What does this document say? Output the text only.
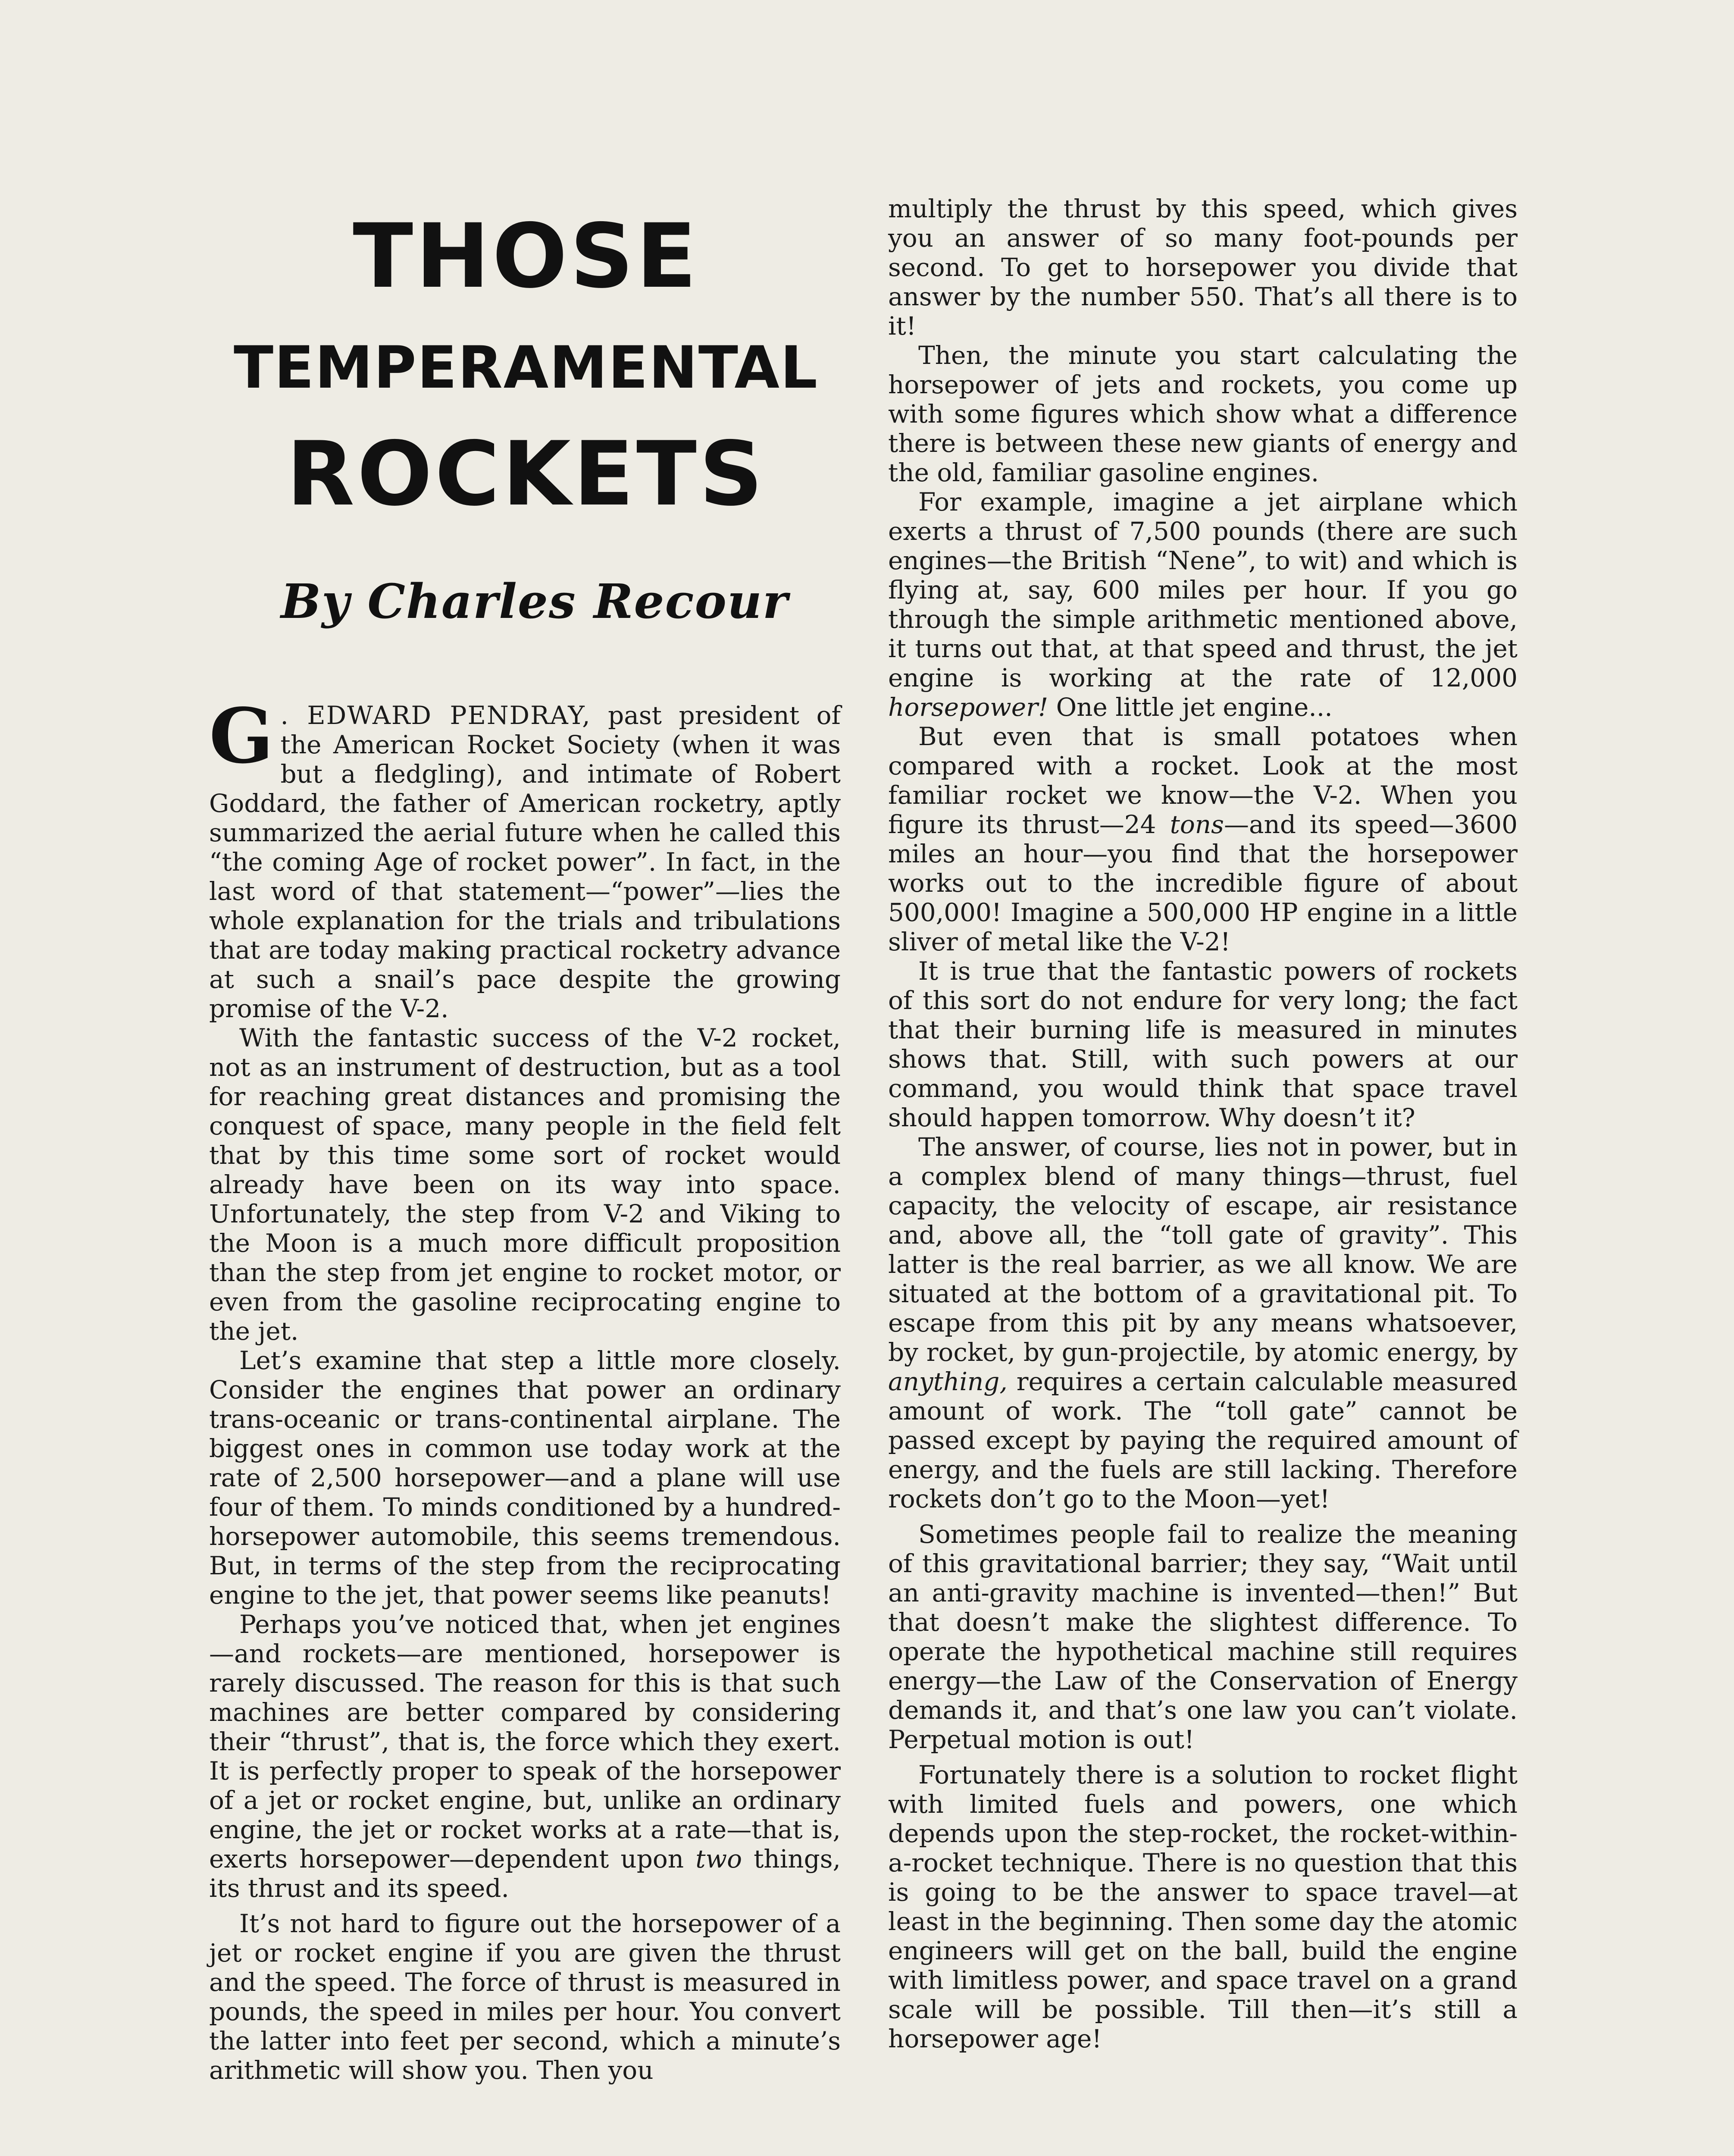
THOSE
TEMPERAMENTAL
ROCKETS
By Charles Recour

G . EDWARD PENDRAY, past president of the American Rocket Society (when it was but a fledgling), and intimate of Robert Goddard, the father of American rocketry, aptly summarized the aerial future when he called this “the coming Age of rocket power”. In fact, in the last word of that statement—“power”—lies the whole explanation for the trials and tribulations that are today making practical rocketry advance at such a snail’s pace despite the growing promise of the V-2.

With the fantastic success of the V-2 rocket, not as an instrument of destruction, but as a tool for reaching great distances and promising the conquest of space, many people in the field felt that by this time some sort of rocket would already have been on its way into space. Unfortunately, the step from V-2 and Viking to the Moon is a much more difficult proposition than the step from jet engine to rocket motor, or even from the gasoline reciprocating engine to the jet.

Let’s examine that step a little more closely. Consider the engines that power an ordinary trans-oceanic or trans-continental airplane. The biggest ones in common use today work at the rate of 2,500 horsepower—and a plane will use four of them. To minds conditioned by a hundred-horsepower automobile, this seems tremendous. But, in terms of the step from the reciprocating engine to the jet, that power seems like peanuts!

Perhaps you’ve noticed that, when jet engines—and rockets—are mentioned, horsepower is rarely discussed. The reason for this is that such machines are better compared by considering their “thrust”, that is, the force which they exert. It is perfectly proper to speak of the horsepower of a jet or rocket engine, but, unlike an ordinary engine, the jet or rocket works at a rate—that is, exerts horsepower—dependent upon two things, its thrust and its speed.

It’s not hard to figure out the horsepower of a jet or rocket engine if you are given the thrust and the speed. The force of thrust is measured in pounds, the speed in miles per hour. You convert the latter into feet per second, which a minute’s arithmetic will show you. Then you

multiply the thrust by this speed, which gives you an answer of so many foot-pounds per second. To get to horsepower you divide that answer by the number 550. That’s all there is to it!

Then, the minute you start calculating the horsepower of jets and rockets, you come up with some figures which show what a difference there is between these new giants of energy and the old, familiar gasoline engines.

For example, imagine a jet airplane which exerts a thrust of 7,500 pounds (there are such engines—the British “Nene”, to wit) and which is flying at, say, 600 miles per hour. If you go through the simple arithmetic mentioned above, it turns out that, at that speed and thrust, the jet engine is working at the rate of 12,000 horsepower! One little jet engine...

But even that is small potatoes when compared with a rocket. Look at the most familiar rocket we know—the V-2. When you figure its thrust—24 tons—and its speed—3600 miles an hour—you find that the horsepower works out to the incredible figure of about 500,000! Imagine a 500,000 HP engine in a little sliver of metal like the V-2!

It is true that the fantastic powers of rockets of this sort do not endure for very long; the fact that their burning life is measured in minutes shows that. Still, with such powers at our command, you would think that space travel should happen tomorrow. Why doesn’t it?

The answer, of course, lies not in power, but in a complex blend of many things—thrust, fuel capacity, the velocity of escape, air resistance and, above all, the “toll gate of gravity”. This latter is the real barrier, as we all know. We are situated at the bottom of a gravitational pit. To escape from this pit by any means whatsoever, by rocket, by gun-projectile, by atomic energy, by anything, requires a certain calculable measured amount of work. The “toll gate” cannot be passed except by paying the required amount of energy, and the fuels are still lacking. Therefore rockets don’t go to the Moon—yet!

Sometimes people fail to realize the meaning of this gravitational barrier; they say, “Wait until an anti-gravity machine is invented—then!” But that doesn’t make the slightest difference. To operate the hypothetical machine still requires energy—the Law of the Conservation of Energy demands it, and that’s one law you can’t violate. Perpetual motion is out!

Fortunately there is a solution to rocket flight with limited fuels and powers, one which depends upon the step-rocket, the rocket-within-a-rocket technique. There is no question that this is going to be the answer to space travel—at least in the beginning. Then some day the atomic engineers will get on the ball, build the engine with limitless power, and space travel on a grand scale will be possible. Till then—it’s still a horsepower age!
